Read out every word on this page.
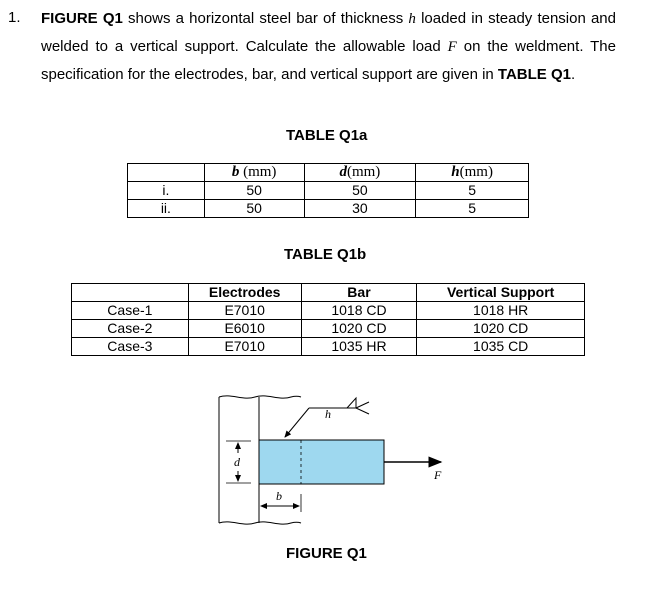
1. FIGURE Q1 shows a horizontal steel bar of thickness h loaded in steady tension and welded to a vertical support. Calculate the allowable load F on the weldment. The specification for the electrodes, bar, and vertical support are given in TABLE Q1.
TABLE Q1a
	b (mm)	d(mm)	h(mm)
i.	50	50	5
ii.	50	30	5
TABLE Q1b
	Electrodes	Bar	Vertical Support
Case-1	E7010	1018 CD	1018 HR
Case-2	E6010	1020 CD	1020 CD
Case-3	E7010	1035 HR	1035 CD
h
d
b
F
FIGURE Q1
